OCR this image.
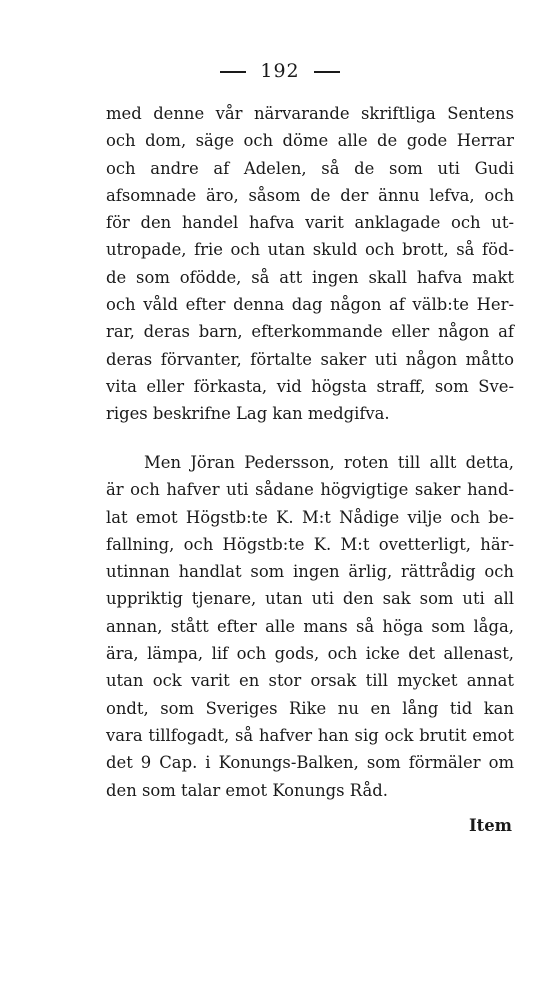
192
med denne vår närvarande skriftliga Sentens
och dom, säge och döme alle de gode Herrar
och andre af Adelen, så de som uti Gudi
afsomnade äro, såsom de der ännu lefva, och
för den handel hafva varit anklagade och ut-
utropade, frie och utan skuld och brott, så föd-
de som ofödde, så att ingen skall hafva makt
och våld efter denna dag någon af välb:te Her-
rar, deras barn, efterkommande eller någon af
deras förvanter, förtalte saker uti någon måtto
vita eller förkasta, vid högsta straff, som Sve-
riges beskrifne Lag kan medgifva.
Men Jöran Pedersson, roten till allt detta,
är och hafver uti sådane högvigtige saker hand-
lat emot Högstb:te K. M:t Nådige vilje och be-
fallning, och Högstb:te K. M:t ovetterligt, här-
utinnan handlat som ingen ärlig, rättrådig och
uppriktig tjenare, utan uti den sak som uti all
annan, stått efter alle mans så höga som låga,
ära, lämpa, lif och gods, och icke det allenast,
utan ock varit en stor orsak till mycket annat
ondt, som Sveriges Rike nu en lång tid kan
vara tillfogadt, så hafver han sig ock brutit emot
det 9 Cap. i Konungs-Balken, som förmäler om
den som talar emot Konungs Råd.
Item
